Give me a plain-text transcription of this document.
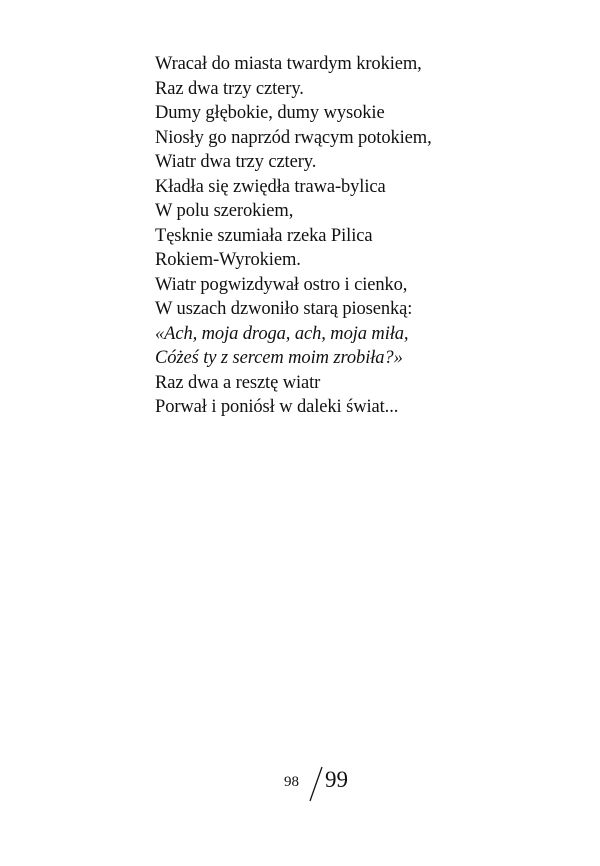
Wracał do miasta twardym krokiem,
Raz dwa trzy cztery.
Dumy głębokie, dumy wysokie
Niosły go naprzód rwącym potokiem,
Wiatr dwa trzy cztery.
Kładła się zwiędła trawa-bylica
W polu szerokiem,
Tęsknie szumiała rzeka Pilica
Rokiem-Wyrokiem.
Wiatr pogwizdywał ostro i cienko,
W uszach dzwoniło starą piosenką:
«Ach, moja droga, ach, moja miła,
Cóżeś ty z sercem moim zrobiła?»
Raz dwa a resztę wiatr
Porwał i poniósł w daleki świat...
98 99
